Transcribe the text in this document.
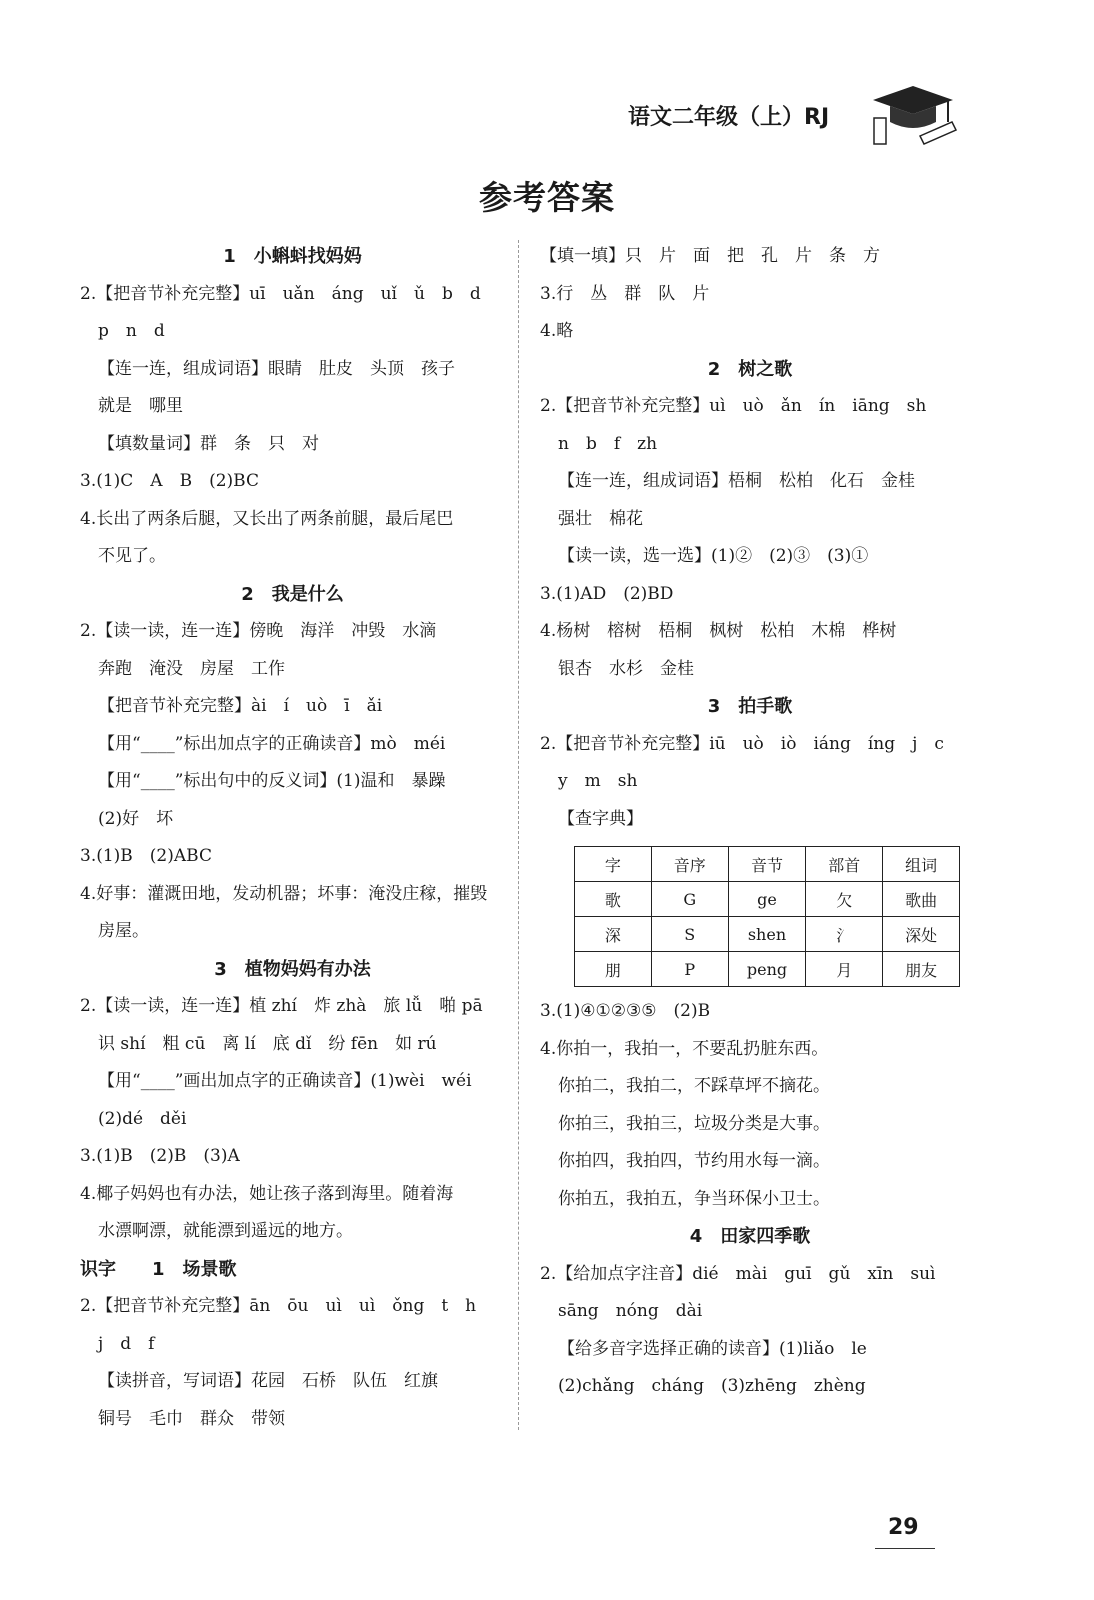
语文二年级（上）RJ
参考答案
1　小蝌蚪找妈妈
2.【把音节补充完整】uī　uǎn　áng　uǐ　ǔ　b　d
p　n　d
【连一连，组成词语】眼睛　肚皮　头顶　孩子
就是　哪里
【填数量词】群　条　只　对
3.(1)C　A　B　(2)BC
4.长出了两条后腿，又长出了两条前腿，最后尾巴
不见了。
2　我是什么
2.【读一读，连一连】傍晚　海洋　冲毁　水滴
奔跑　淹没　房屋　工作
【把音节补充完整】ài　í　uò　ī　ǎi
【用“____”标出加点字的正确读音】mò　méi
【用“____”标出句中的反义词】(1)温和　暴躁
(2)好　坏
3.(1)B　(2)ABC
4.好事：灌溉田地，发动机器；坏事：淹没庄稼，摧毁
房屋。
3　植物妈妈有办法
2.【读一读，连一连】植 zhí　炸 zhà　旅 lǚ　啪 pā
识 shí　粗 cū　离 lí　底 dǐ　纷 fēn　如 rú
【用“____”画出加点字的正确读音】(1)wèi　wéi
(2)dé　děi
3.(1)B　(2)B　(3)A
4.椰子妈妈也有办法，她让孩子落到海里。随着海
水漂啊漂，就能漂到遥远的地方。
识字　　1　场景歌
2.【把音节补充完整】ān　ōu　uì　uì　ǒng　t　h
j　d　f
【读拼音，写词语】花园　石桥　队伍　红旗
铜号　毛巾　群众　带领
【填一填】只　片　面　把　孔　片　条　方
3.行　丛　群　队　片
4.略
2　树之歌
2.【把音节补充完整】uì　uò　ǎn　ín　iāng　sh
n　b　f　zh
【连一连，组成词语】梧桐　松柏　化石　金桂
强壮　棉花
【读一读，选一选】(1)②　(2)③　(3)①
3.(1)AD　(2)BD
4.杨树　榕树　梧桐　枫树　松柏　木棉　桦树
银杏　水杉　金桂
3　拍手歌
2.【把音节补充完整】iū　uò　iò　iáng　íng　j　c
y　m　sh
【查字典】
字	音序	音节	部首	组词
歌	G	ge	欠	歌曲
深	S	shen	氵	深处
朋	P	peng	月	朋友
3.(1)④①②③⑤　(2)B
4.你拍一，我拍一，不要乱扔脏东西。
你拍二，我拍二，不踩草坪不摘花。
你拍三，我拍三，垃圾分类是大事。
你拍四，我拍四，节约用水每一滴。
你拍五，我拍五，争当环保小卫士。
4　田家四季歌
2.【给加点字注音】dié　mài　guī　gǔ　xīn　suì
sāng　nóng　dài
【给多音字选择正确的读音】(1)liǎo　le
(2)chǎng　cháng　(3)zhēng　zhèng
29
